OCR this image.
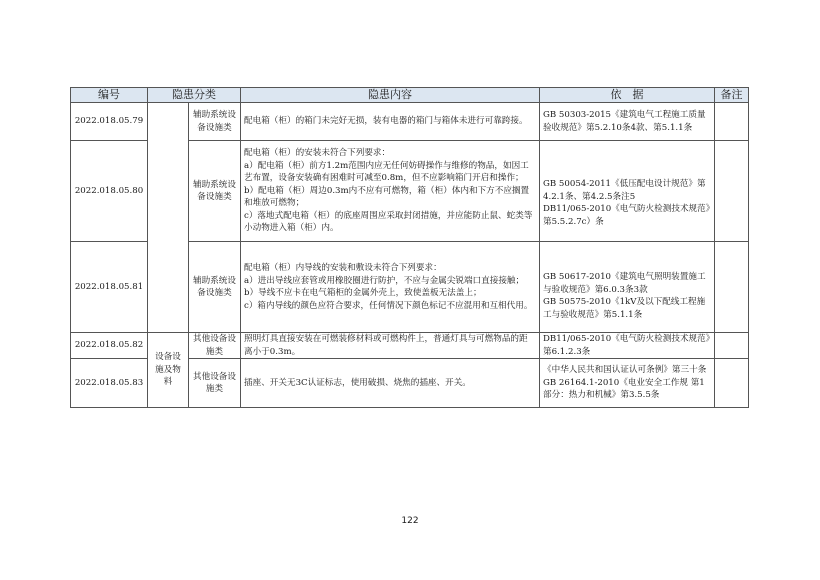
编号	隐患分类		隐患内容	依　据	备注
2022.018.05.79		辅助系统设备设施类	配电箱（柜）的箱门未完好无损，装有电器的箱门与箱体未进行可靠跨接。	GB 50303-2015《建筑电气工程施工质量验收规范》第5.2.10条4款、第5.1.1条	

2022.018.05.80		辅助系统设备设施类	配电箱（柜）的安装未符合下列要求：
a）配电箱（柜）前方1.2m范围内应无任何妨碍操作与维修的物品，如因工艺布置，设备安装确有困难时可减至0.8m，但不应影响箱门开启和操作；
b）配电箱（柜）周边0.3m内不应有可燃物，箱（柜）体内和下方不应搁置和堆放可燃物；
c）落地式配电箱（柜）的底座周围应采取封闭措施，并应能防止鼠、蛇类等小动物进入箱（柜）内。	GB 50054-2011《低压配电设计规范》第4.2.1条、第4.2.5条注5
DB11/065-2010《电气防火检测技术规范》第5.5.2.7c）条	

2022.018.05.81		辅助系统设备设施类	配电箱（柜）内导线的安装和敷设未符合下列要求：
a）进出导线应套管或用橡胶圈进行防护，不应与金属尖锐端口直接接触；
b）导线不应卡在电气箱柜的金属外壳上，致使盖板无法盖上；
c）箱内导线的颜色应符合要求，任何情况下颜色标记不应混用和互相代用。	GB 50617-2010《建筑电气照明装置施工与验收规范》第6.0.3条3款
GB 50575-2010《1kV及以下配线工程施工与验收规范》第5.1.1条	

2022.018.05.82	设备设施及物料	其他设备设施类	照明灯具直接安装在可燃装修材料或可燃构件上，普通灯具与可燃物品的距离小于0.3m。	DB11/065-2010《电气防火检测技术规范》第6.1.2.3条	

2022.018.05.83		其他设备设施类	插座、开关无3C认证标志，使用破损、烧焦的插座、开关。	《中华人民共和国认证认可条例》第三十条
GB 26164.1-2010《电业安全工作规 第1部分：热力和机械》第3.5.5条	

122
